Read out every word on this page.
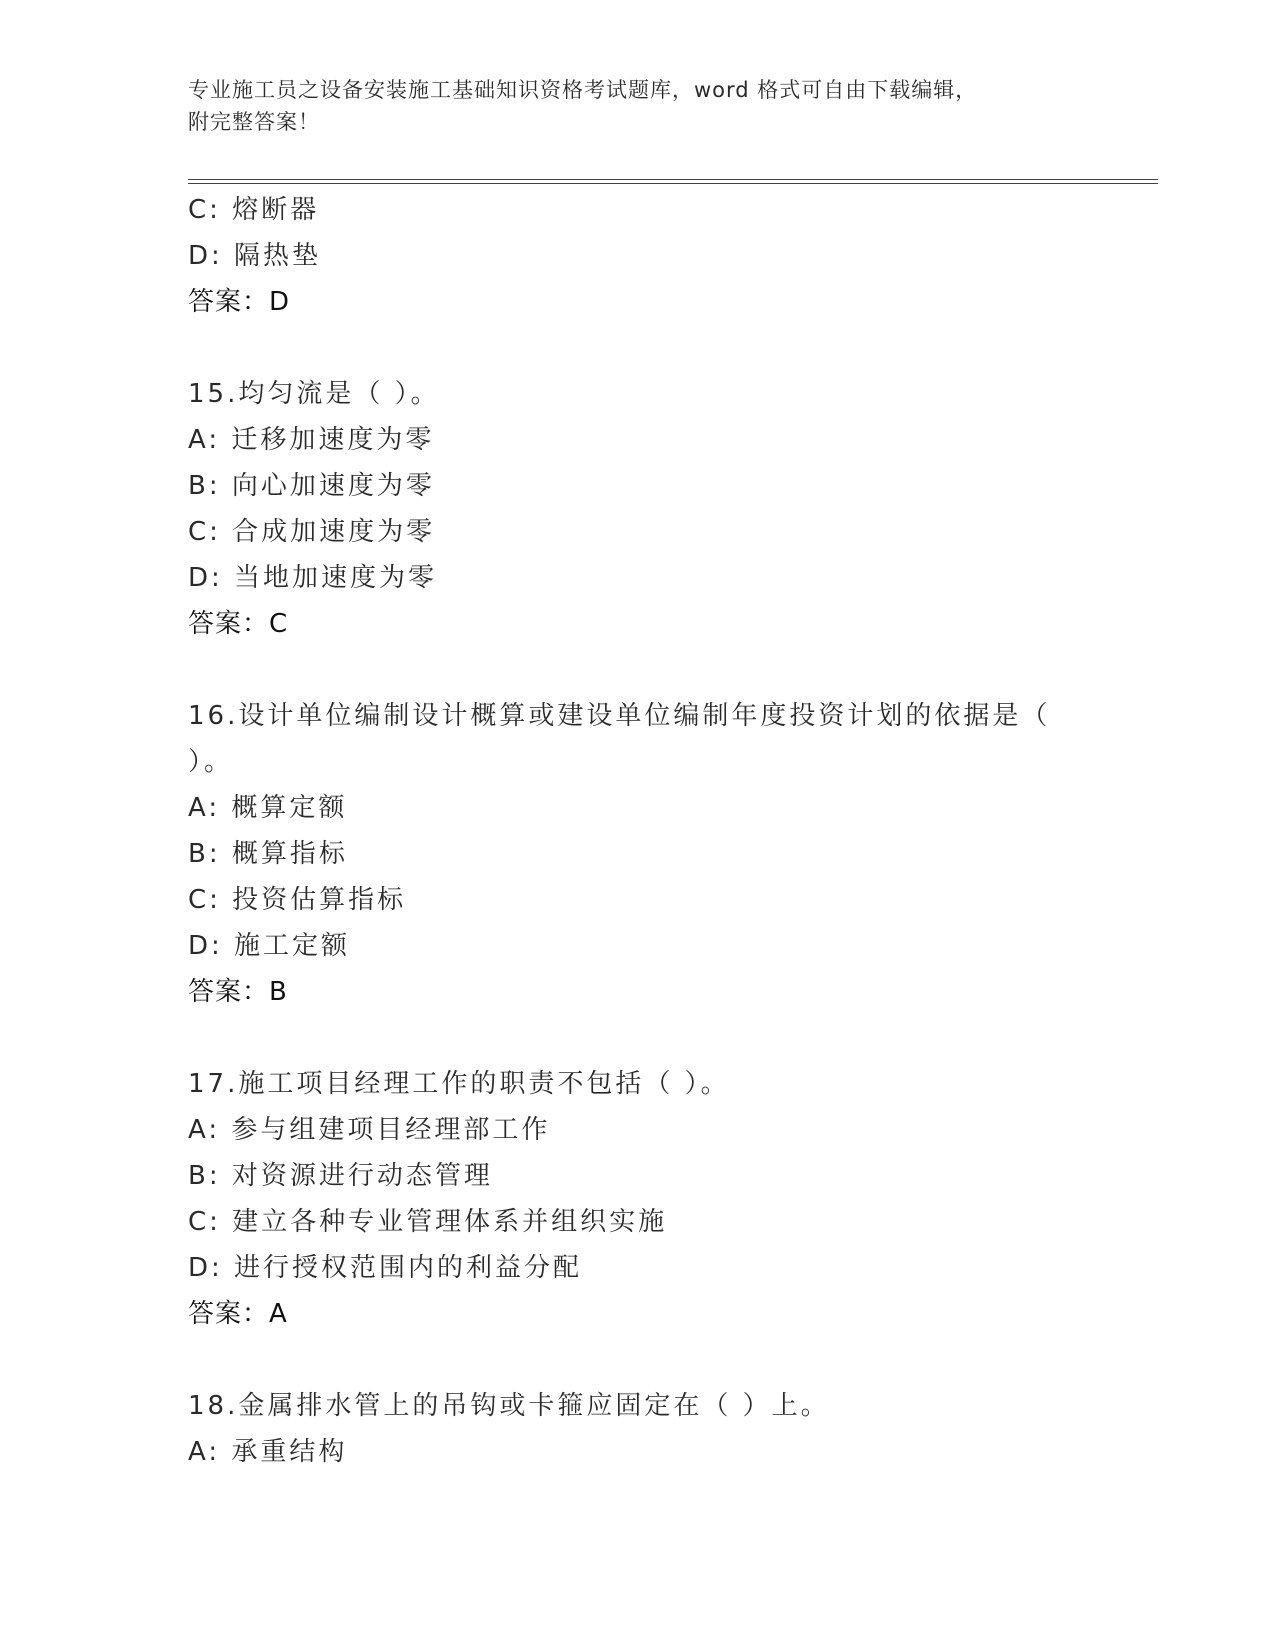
专业施工员之设备安装施工基础知识资格考试题库，word 格式可自由下载编辑，
附完整答案！
C: 熔断器
D: 隔热垫
答案：D
15.均匀流是（ ）。
A: 迁移加速度为零
B: 向心加速度为零
C: 合成加速度为零
D: 当地加速度为零
答案：C
16.设计单位编制设计概算或建设单位编制年度投资计划的依据是（
）。
A: 概算定额
B: 概算指标
C: 投资估算指标
D: 施工定额
答案：B
17.施工项目经理工作的职责不包括（ ）。
A: 参与组建项目经理部工作
B: 对资源进行动态管理
C: 建立各种专业管理体系并组织实施
D: 进行授权范围内的利益分配
答案：A
18.金属排水管上的吊钩或卡箍应固定在（ ）上。
A: 承重结构
